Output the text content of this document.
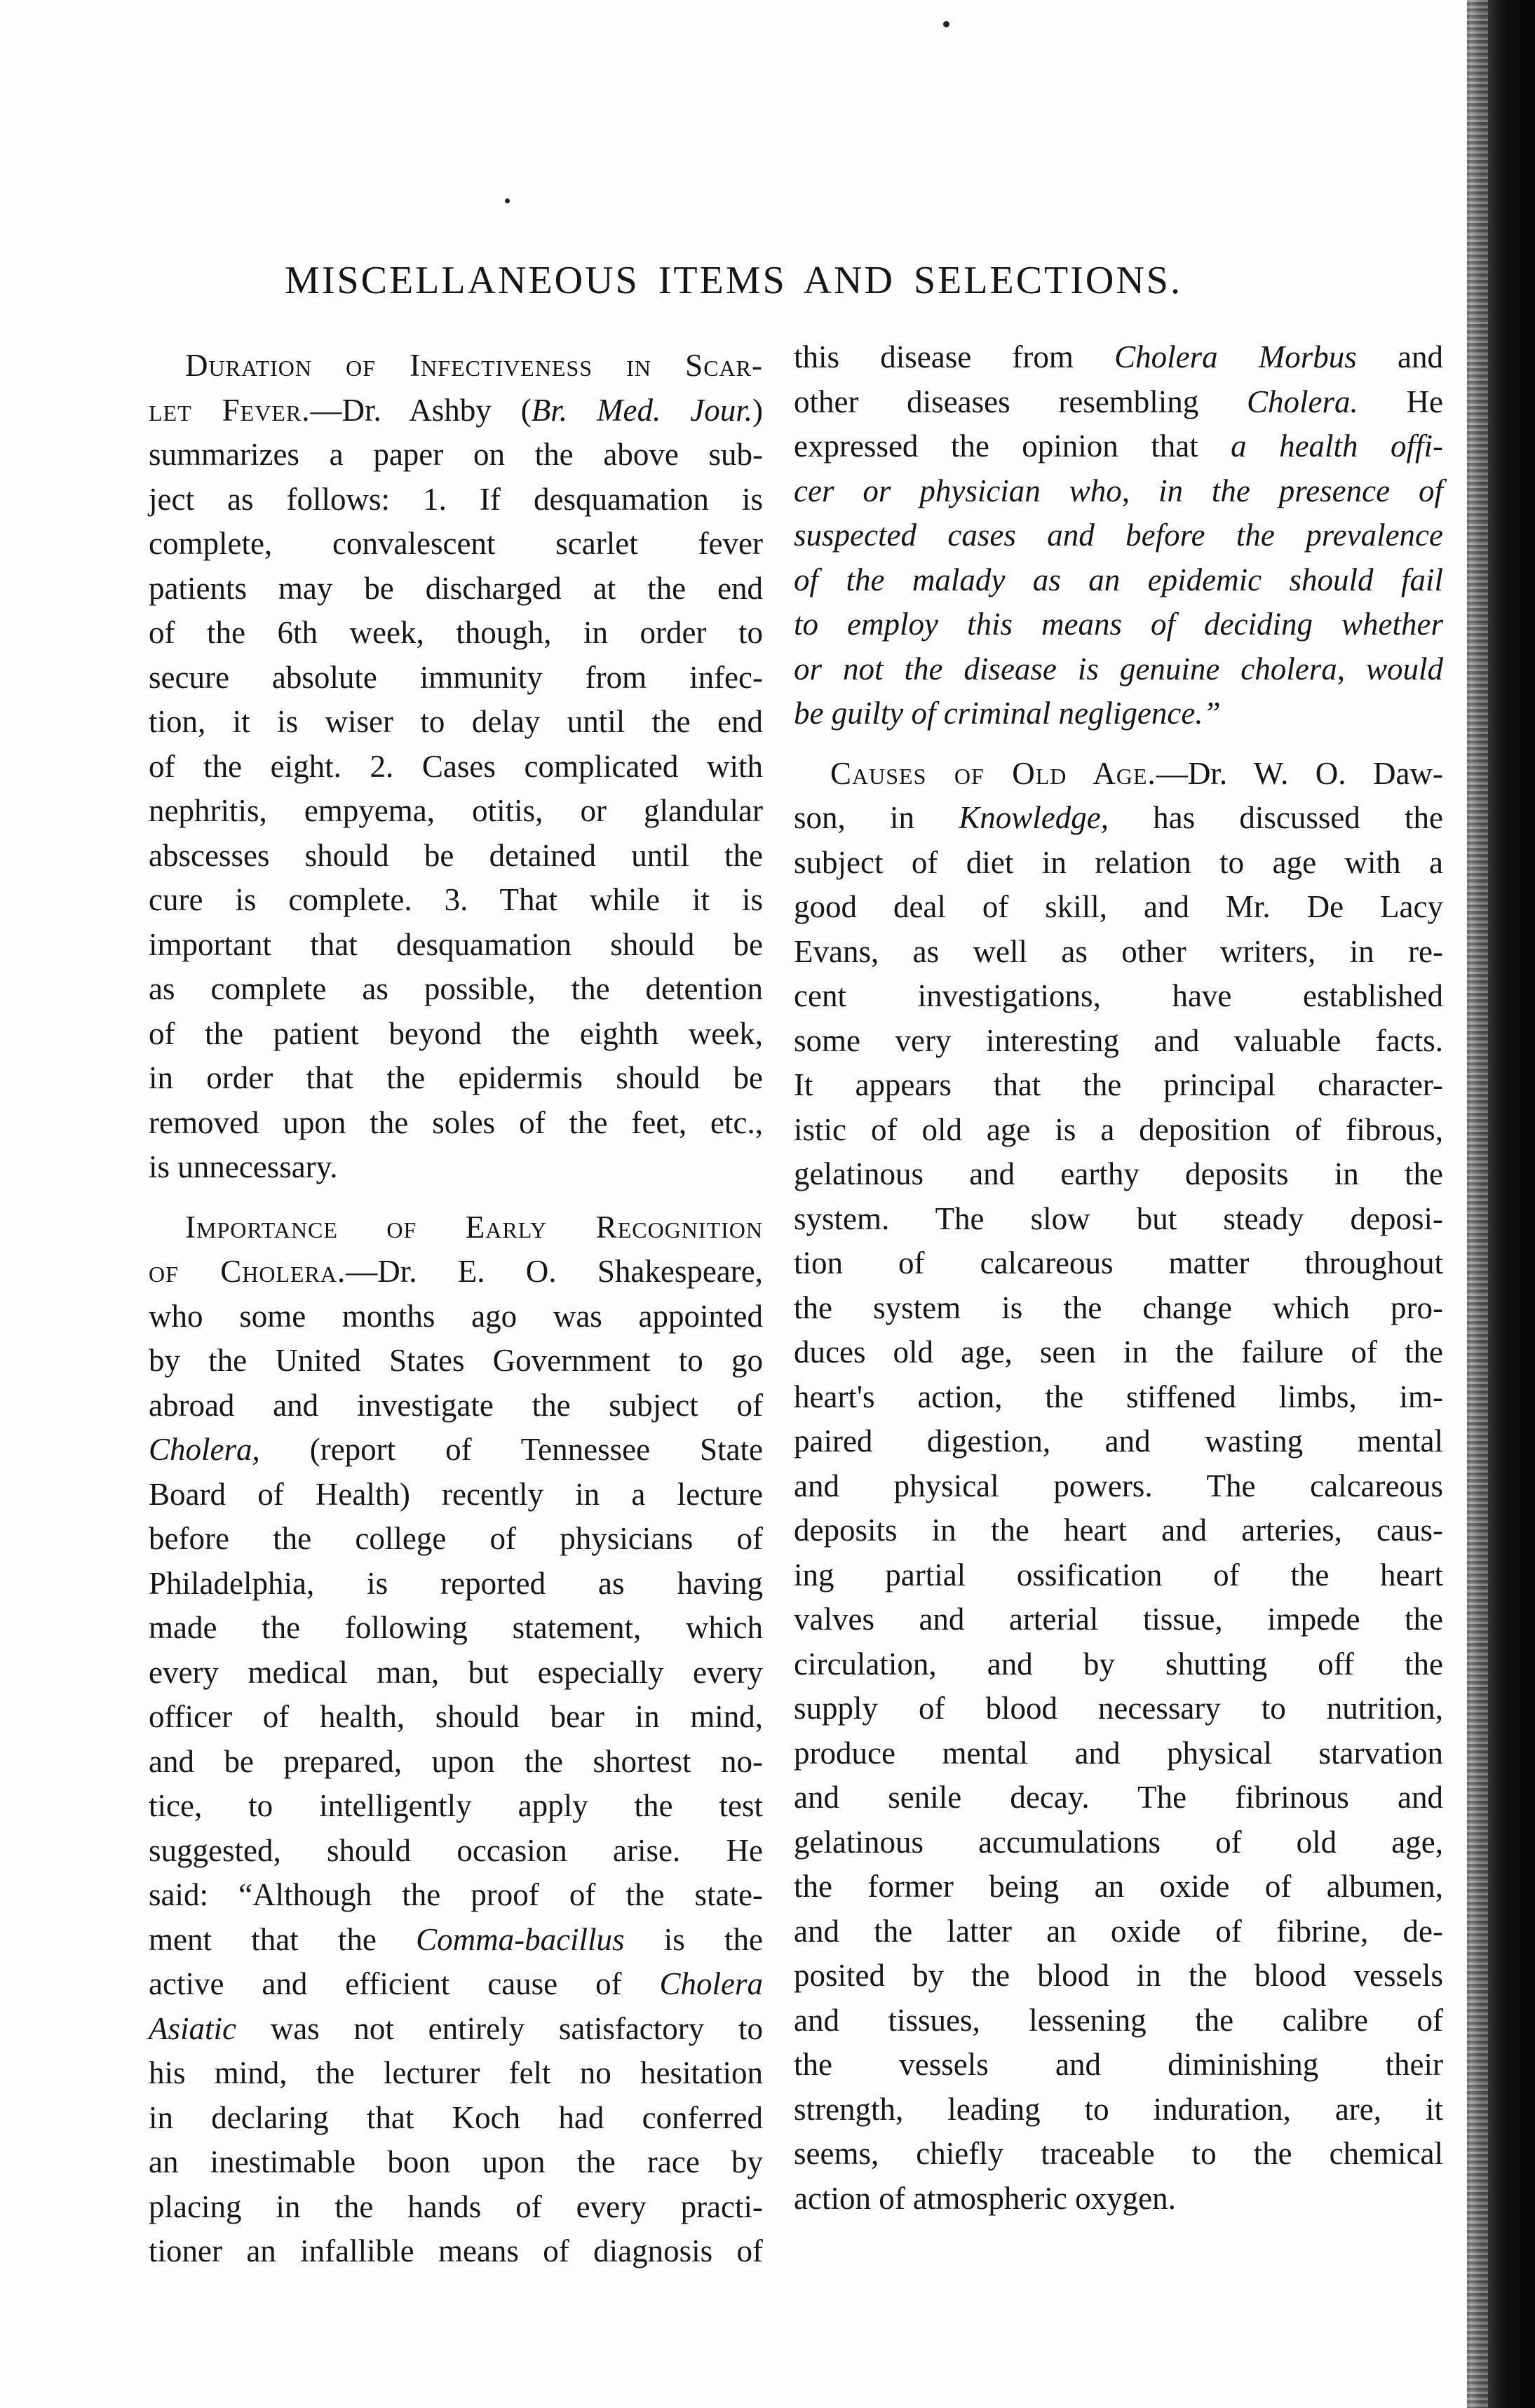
MISCELLANEOUS ITEMS AND SELECTIONS.
Duration of Infectiveness in Scar-
let Fever.—Dr. Ashby (Br. Med. Jour.)
summarizes a paper on the above sub-
ject as follows: 1. If desquamation is
complete, convalescent scarlet fever
patients may be discharged at the end
of the 6th week, though, in order to
secure absolute immunity from infec-
tion, it is wiser to delay until the end
of the eight. 2. Cases complicated with
nephritis, empyema, otitis, or glandular
abscesses should be detained until the
cure is complete. 3. That while it is
important that desquamation should be
as complete as possible, the detention
of the patient beyond the eighth week,
in order that the epidermis should be
removed upon the soles of the feet, etc.,
is unnecessary.
Importance of Early Recognition
of Cholera.—Dr. E. O. Shakespeare,
who some months ago was appointed
by the United States Government to go
abroad and investigate the subject of
Cholera, (report of Tennessee State
Board of Health) recently in a lecture
before the college of physicians of
Philadelphia, is reported as having
made the following statement, which
every medical man, but especially every
officer of health, should bear in mind,
and be prepared, upon the shortest no-
tice, to intelligently apply the test
suggested, should occasion arise. He
said: “Although the proof of the state-
ment that the Comma-bacillus is the
active and efficient cause of Cholera
Asiatic was not entirely satisfactory to
his mind, the lecturer felt no hesitation
in declaring that Koch had conferred
an inestimable boon upon the race by
placing in the hands of every practi-
tioner an infallible means of diagnosis of
this disease from Cholera Morbus and
other diseases resembling Cholera. He
expressed the opinion that a health offi-
cer or physician who, in the presence of
suspected cases and before the prevalence
of the malady as an epidemic should fail
to employ this means of deciding whether
or not the disease is genuine cholera, would
be guilty of criminal negligence.”
Causes of Old Age.—Dr. W. O. Daw-
son, in Knowledge, has discussed the
subject of diet in relation to age with a
good deal of skill, and Mr. De Lacy
Evans, as well as other writers, in re-
cent investigations, have established
some very interesting and valuable facts.
It appears that the principal character-
istic of old age is a deposition of fibrous,
gelatinous and earthy deposits in the
system. The slow but steady deposi-
tion of calcareous matter throughout
the system is the change which pro-
duces old age, seen in the failure of the
heart's action, the stiffened limbs, im-
paired digestion, and wasting mental
and physical powers. The calcareous
deposits in the heart and arteries, caus-
ing partial ossification of the heart
valves and arterial tissue, impede the
circulation, and by shutting off the
supply of blood necessary to nutrition,
produce mental and physical starvation
and senile decay. The fibrinous and
gelatinous accumulations of old age,
the former being an oxide of albumen,
and the latter an oxide of fibrine, de-
posited by the blood in the blood vessels
and tissues, lessening the calibre of
the vessels and diminishing their
strength, leading to induration, are, it
seems, chiefly traceable to the chemical
action of atmospheric oxygen.
